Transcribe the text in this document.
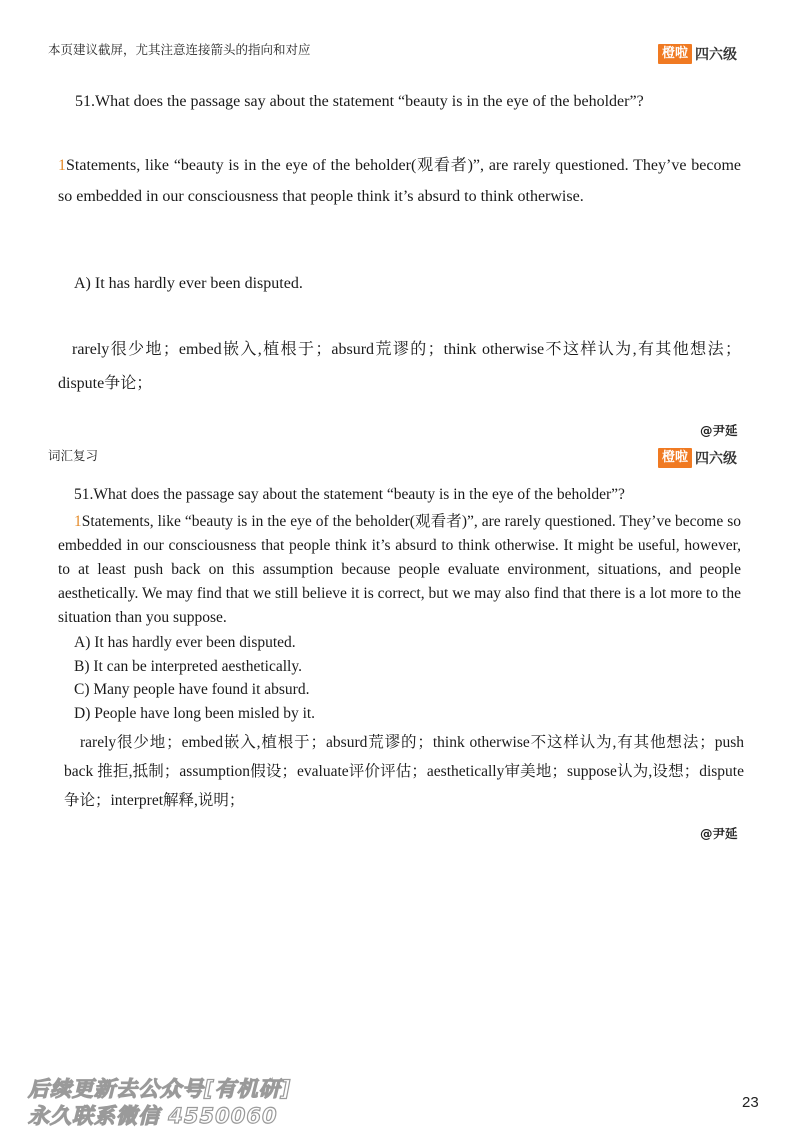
本页建议截屏，尤其注意连接箭头的指向和对应	橙啦 四六级
51.What does the passage say about the statement “beauty is in the eye of the beholder”?
1Statements, like “beauty is in the eye of the beholder(观看者)”, are rarely questioned. They’ve become so embedded in our consciousness that people think it’s absurd to think otherwise.
A) It has hardly ever been disputed.
rarely很少地；embed嵌入,植根于；absurd荒谬的；think otherwise不这样认为,有其他想法；dispute争论；
@尹延
词汇复习	橙啦 四六级
51.What does the passage say about the statement “beauty is in the eye of the beholder”?
1Statements, like “beauty is in the eye of the beholder(观看者)”, are rarely questioned. They’ve become so embedded in our consciousness that people think it’s absurd to think otherwise. It might be useful, however, to at least push back on this assumption because people evaluate environment, situations, and people aesthetically. We may find that we still believe it is correct, but we may also find that there is a lot more to the situation than you suppose.
A) It has hardly ever been disputed.
B) It can be interpreted aesthetically.
C) Many people have found it absurd.
D) People have long been misled by it.
rarely很少地；embed嵌入,植根于；absurd荒谬的；think otherwise不这样认为,有其他想法；push back 推拒,抵制；assumption假设；evaluate评价评估；aesthetically审美地；suppose认为,设想；dispute争论；interpret解释,说明；
@尹延
后续更新去公众号[有机研]
永久联系微信 4550060
23
